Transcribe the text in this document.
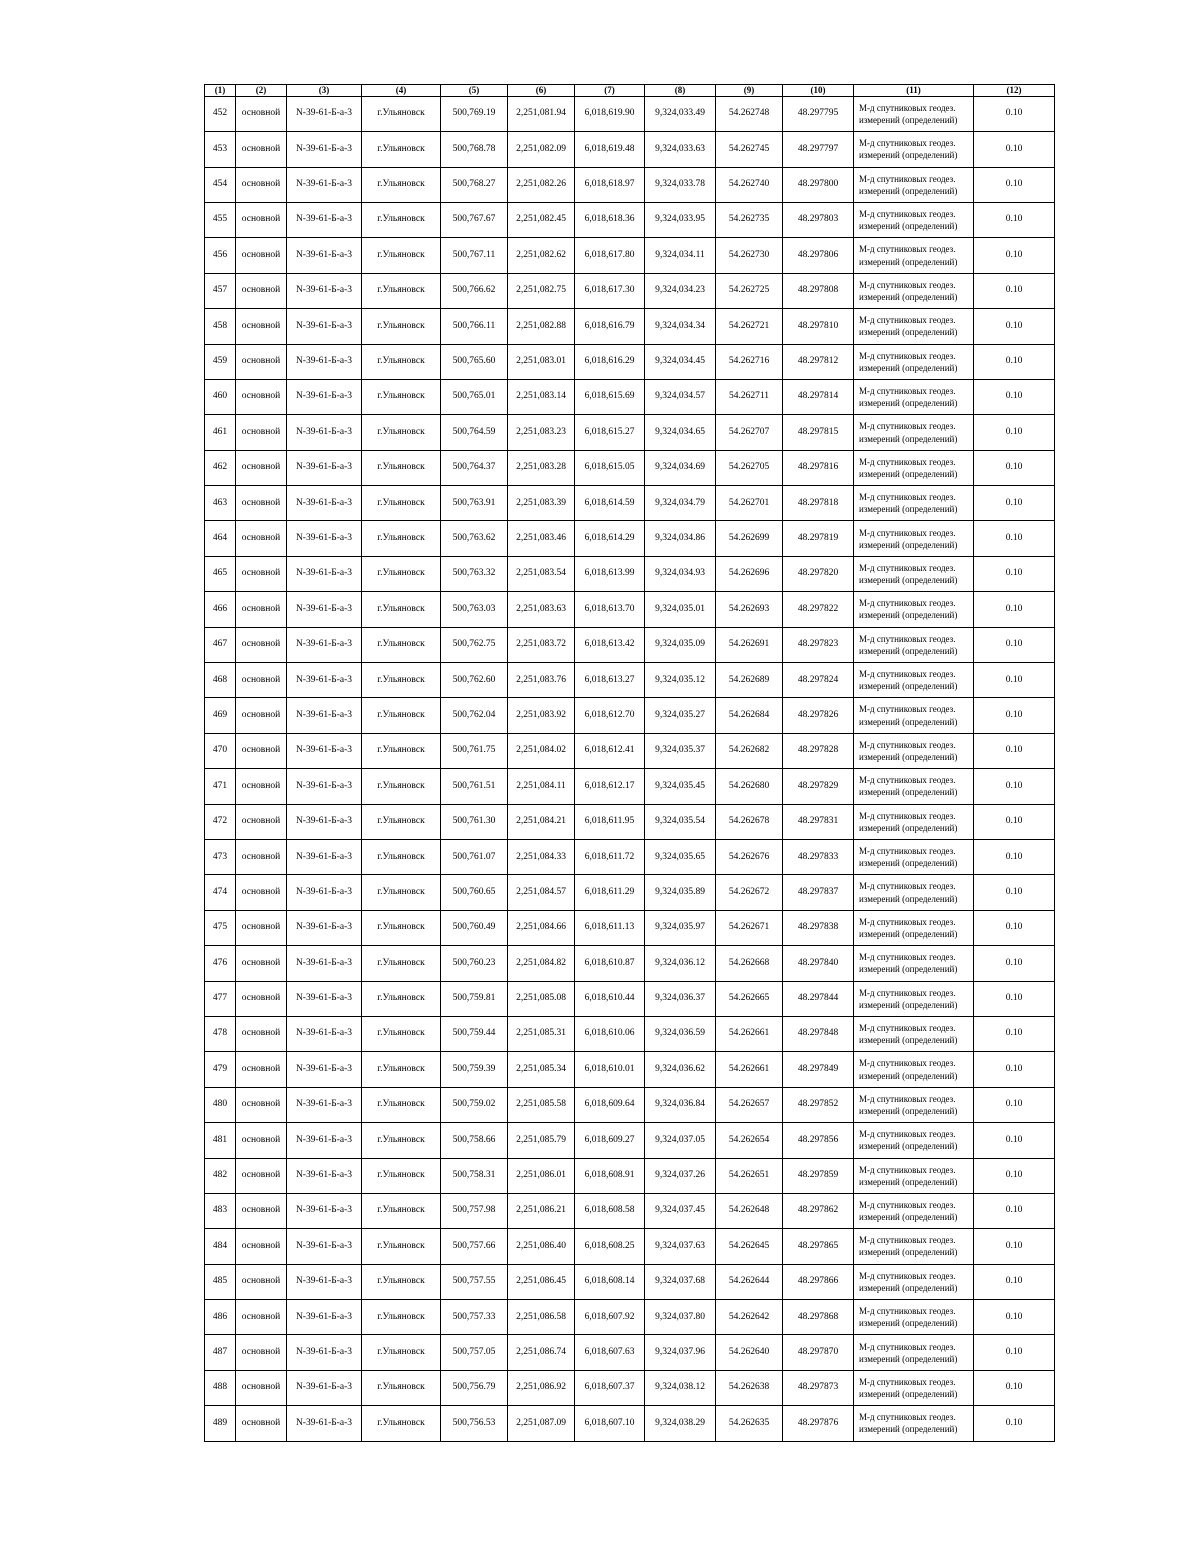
(1)	(2)	(3)	(4)	(5)	(6)	(7)	(8)	(9)	(10)	(11)	(12)
452	основной	N-39-61-Б-а-3	г.Ульяновск	500,769.19	2,251,081.94	6,018,619.90	9,324,033.49	54.262748	48.297795	М-д спутниковых геодез. измерений (определений)	0.10
453	основной	N-39-61-Б-а-3	г.Ульяновск	500,768.78	2,251,082.09	6,018,619.48	9,324,033.63	54.262745	48.297797	М-д спутниковых геодез. измерений (определений)	0.10
454	основной	N-39-61-Б-а-3	г.Ульяновск	500,768.27	2,251,082.26	6,018,618.97	9,324,033.78	54.262740	48.297800	М-д спутниковых геодез. измерений (определений)	0.10
455	основной	N-39-61-Б-а-3	г.Ульяновск	500,767.67	2,251,082.45	6,018,618.36	9,324,033.95	54.262735	48.297803	М-д спутниковых геодез. измерений (определений)	0.10
456	основной	N-39-61-Б-а-3	г.Ульяновск	500,767.11	2,251,082.62	6,018,617.80	9,324,034.11	54.262730	48.297806	М-д спутниковых геодез. измерений (определений)	0.10
457	основной	N-39-61-Б-а-3	г.Ульяновск	500,766.62	2,251,082.75	6,018,617.30	9,324,034.23	54.262725	48.297808	М-д спутниковых геодез. измерений (определений)	0.10
458	основной	N-39-61-Б-а-3	г.Ульяновск	500,766.11	2,251,082.88	6,018,616.79	9,324,034.34	54.262721	48.297810	М-д спутниковых геодез. измерений (определений)	0.10
459	основной	N-39-61-Б-а-3	г.Ульяновск	500,765.60	2,251,083.01	6,018,616.29	9,324,034.45	54.262716	48.297812	М-д спутниковых геодез. измерений (определений)	0.10
460	основной	N-39-61-Б-а-3	г.Ульяновск	500,765.01	2,251,083.14	6,018,615.69	9,324,034.57	54.262711	48.297814	М-д спутниковых геодез. измерений (определений)	0.10
461	основной	N-39-61-Б-а-3	г.Ульяновск	500,764.59	2,251,083.23	6,018,615.27	9,324,034.65	54.262707	48.297815	М-д спутниковых геодез. измерений (определений)	0.10
462	основной	N-39-61-Б-а-3	г.Ульяновск	500,764.37	2,251,083.28	6,018,615.05	9,324,034.69	54.262705	48.297816	М-д спутниковых геодез. измерений (определений)	0.10
463	основной	N-39-61-Б-а-3	г.Ульяновск	500,763.91	2,251,083.39	6,018,614.59	9,324,034.79	54.262701	48.297818	М-д спутниковых геодез. измерений (определений)	0.10
464	основной	N-39-61-Б-а-3	г.Ульяновск	500,763.62	2,251,083.46	6,018,614.29	9,324,034.86	54.262699	48.297819	М-д спутниковых геодез. измерений (определений)	0.10
465	основной	N-39-61-Б-а-3	г.Ульяновск	500,763.32	2,251,083.54	6,018,613.99	9,324,034.93	54.262696	48.297820	М-д спутниковых геодез. измерений (определений)	0.10
466	основной	N-39-61-Б-а-3	г.Ульяновск	500,763.03	2,251,083.63	6,018,613.70	9,324,035.01	54.262693	48.297822	М-д спутниковых геодез. измерений (определений)	0.10
467	основной	N-39-61-Б-а-3	г.Ульяновск	500,762.75	2,251,083.72	6,018,613.42	9,324,035.09	54.262691	48.297823	М-д спутниковых геодез. измерений (определений)	0.10
468	основной	N-39-61-Б-а-3	г.Ульяновск	500,762.60	2,251,083.76	6,018,613.27	9,324,035.12	54.262689	48.297824	М-д спутниковых геодез. измерений (определений)	0.10
469	основной	N-39-61-Б-а-3	г.Ульяновск	500,762.04	2,251,083.92	6,018,612.70	9,324,035.27	54.262684	48.297826	М-д спутниковых геодез. измерений (определений)	0.10
470	основной	N-39-61-Б-а-3	г.Ульяновск	500,761.75	2,251,084.02	6,018,612.41	9,324,035.37	54.262682	48.297828	М-д спутниковых геодез. измерений (определений)	0.10
471	основной	N-39-61-Б-а-3	г.Ульяновск	500,761.51	2,251,084.11	6,018,612.17	9,324,035.45	54.262680	48.297829	М-д спутниковых геодез. измерений (определений)	0.10
472	основной	N-39-61-Б-а-3	г.Ульяновск	500,761.30	2,251,084.21	6,018,611.95	9,324,035.54	54.262678	48.297831	М-д спутниковых геодез. измерений (определений)	0.10
473	основной	N-39-61-Б-а-3	г.Ульяновск	500,761.07	2,251,084.33	6,018,611.72	9,324,035.65	54.262676	48.297833	М-д спутниковых геодез. измерений (определений)	0.10
474	основной	N-39-61-Б-а-3	г.Ульяновск	500,760.65	2,251,084.57	6,018,611.29	9,324,035.89	54.262672	48.297837	М-д спутниковых геодез. измерений (определений)	0.10
475	основной	N-39-61-Б-а-3	г.Ульяновск	500,760.49	2,251,084.66	6,018,611.13	9,324,035.97	54.262671	48.297838	М-д спутниковых геодез. измерений (определений)	0.10
476	основной	N-39-61-Б-а-3	г.Ульяновск	500,760.23	2,251,084.82	6,018,610.87	9,324,036.12	54.262668	48.297840	М-д спутниковых геодез. измерений (определений)	0.10
477	основной	N-39-61-Б-а-3	г.Ульяновск	500,759.81	2,251,085.08	6,018,610.44	9,324,036.37	54.262665	48.297844	М-д спутниковых геодез. измерений (определений)	0.10
478	основной	N-39-61-Б-а-3	г.Ульяновск	500,759.44	2,251,085.31	6,018,610.06	9,324,036.59	54.262661	48.297848	М-д спутниковых геодез. измерений (определений)	0.10
479	основной	N-39-61-Б-а-3	г.Ульяновск	500,759.39	2,251,085.34	6,018,610.01	9,324,036.62	54.262661	48.297849	М-д спутниковых геодез. измерений (определений)	0.10
480	основной	N-39-61-Б-а-3	г.Ульяновск	500,759.02	2,251,085.58	6,018,609.64	9,324,036.84	54.262657	48.297852	М-д спутниковых геодез. измерений (определений)	0.10
481	основной	N-39-61-Б-а-3	г.Ульяновск	500,758.66	2,251,085.79	6,018,609.27	9,324,037.05	54.262654	48.297856	М-д спутниковых геодез. измерений (определений)	0.10
482	основной	N-39-61-Б-а-3	г.Ульяновск	500,758.31	2,251,086.01	6,018,608.91	9,324,037.26	54.262651	48.297859	М-д спутниковых геодез. измерений (определений)	0.10
483	основной	N-39-61-Б-а-3	г.Ульяновск	500,757.98	2,251,086.21	6,018,608.58	9,324,037.45	54.262648	48.297862	М-д спутниковых геодез. измерений (определений)	0.10
484	основной	N-39-61-Б-а-3	г.Ульяновск	500,757.66	2,251,086.40	6,018,608.25	9,324,037.63	54.262645	48.297865	М-д спутниковых геодез. измерений (определений)	0.10
485	основной	N-39-61-Б-а-3	г.Ульяновск	500,757.55	2,251,086.45	6,018,608.14	9,324,037.68	54.262644	48.297866	М-д спутниковых геодез. измерений (определений)	0.10
486	основной	N-39-61-Б-а-3	г.Ульяновск	500,757.33	2,251,086.58	6,018,607.92	9,324,037.80	54.262642	48.297868	М-д спутниковых геодез. измерений (определений)	0.10
487	основной	N-39-61-Б-а-3	г.Ульяновск	500,757.05	2,251,086.74	6,018,607.63	9,324,037.96	54.262640	48.297870	М-д спутниковых геодез. измерений (определений)	0.10
488	основной	N-39-61-Б-а-3	г.Ульяновск	500,756.79	2,251,086.92	6,018,607.37	9,324,038.12	54.262638	48.297873	М-д спутниковых геодез. измерений (определений)	0.10
489	основной	N-39-61-Б-а-3	г.Ульяновск	500,756.53	2,251,087.09	6,018,607.10	9,324,038.29	54.262635	48.297876	М-д спутниковых геодез. измерений (определений)	0.10
